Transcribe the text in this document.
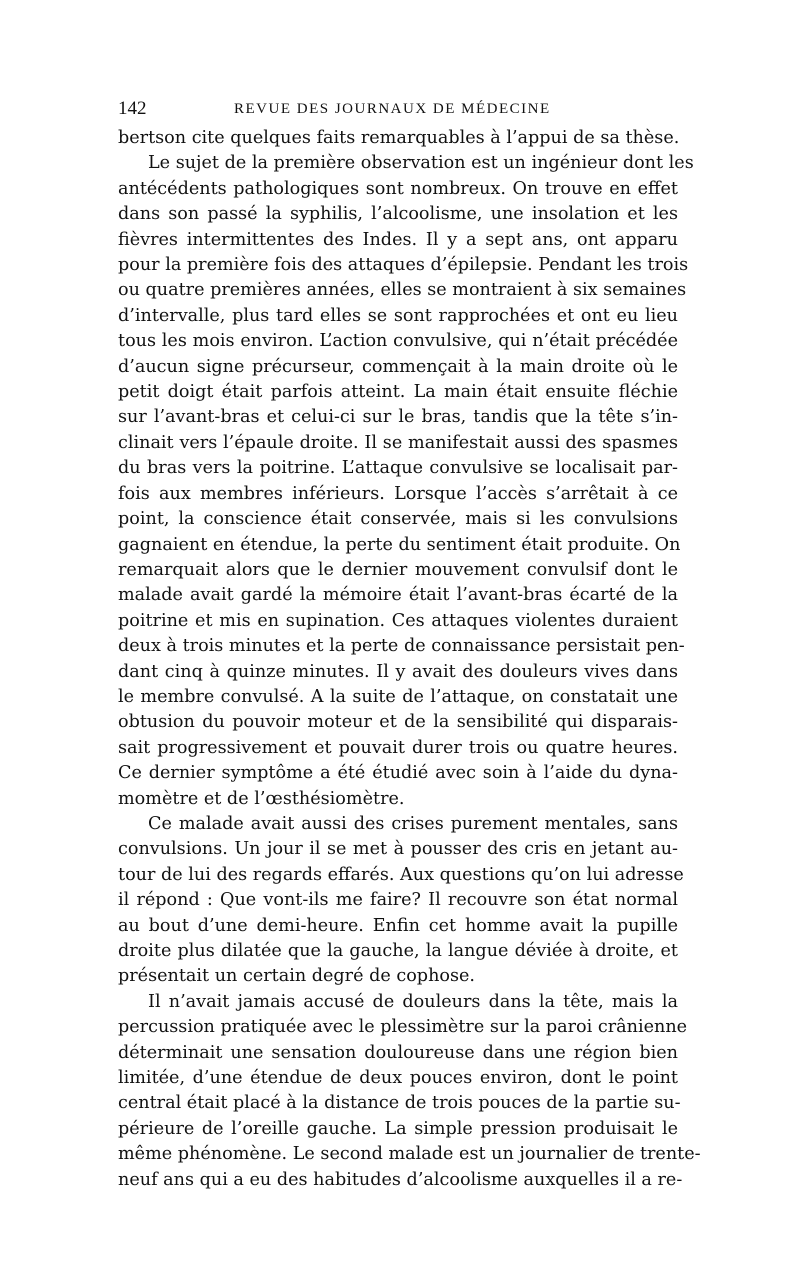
142	REVUE DES JOURNAUX DE MÉDECINE
bertson cite quelques faits remarquables à l’appui de sa thèse.
Le sujet de la première observation est un ingénieur dont les
antécédents pathologiques sont nombreux. On trouve en effet
dans son passé la syphilis, l’alcoolisme, une insolation et les
fièvres intermittentes des Indes. Il y a sept ans, ont apparu
pour la première fois des attaques d’épilepsie. Pendant les trois
ou quatre premières années, elles se montraient à six semaines
d’intervalle, plus tard elles se sont rapprochées et ont eu lieu
tous les mois environ. L’action convulsive, qui n’était précédée
d’aucun signe précurseur, commençait à la main droite où le
petit doigt était parfois atteint. La main était ensuite fléchie
sur l’avant-bras et celui-ci sur le bras, tandis que la tête s’in-
clinait vers l’épaule droite. Il se manifestait aussi des spasmes
du bras vers la poitrine. L’attaque convulsive se localisait par-
fois aux membres inférieurs. Lorsque l’accès s’arrêtait à ce
point, la conscience était conservée, mais si les convulsions
gagnaient en étendue, la perte du sentiment était produite. On
remarquait alors que le dernier mouvement convulsif dont le
malade avait gardé la mémoire était l’avant-bras écarté de la
poitrine et mis en supination. Ces attaques violentes duraient
deux à trois minutes et la perte de connaissance persistait pen-
dant cinq à quinze minutes. Il y avait des douleurs vives dans
le membre convulsé. A la suite de l’attaque, on constatait une
obtusion du pouvoir moteur et de la sensibilité qui disparais-
sait progressivement et pouvait durer trois ou quatre heures.
Ce dernier symptôme a été étudié avec soin à l’aide du dyna-
momètre et de l’œsthésiomètre.
Ce malade avait aussi des crises purement mentales, sans
convulsions. Un jour il se met à pousser des cris en jetant au-
tour de lui des regards effarés. Aux questions qu’on lui adresse
il répond : Que vont-ils me faire? Il recouvre son état normal
au bout d’une demi-heure. Enfin cet homme avait la pupille
droite plus dilatée que la gauche, la langue déviée à droite, et
présentait un certain degré de cophose.
Il n’avait jamais accusé de douleurs dans la tête, mais la
percussion pratiquée avec le plessimètre sur la paroi crânienne
déterminait une sensation douloureuse dans une région bien
limitée, d’une étendue de deux pouces environ, dont le point
central était placé à la distance de trois pouces de la partie su-
périeure de l’oreille gauche. La simple pression produisait le
même phénomène. Le second malade est un journalier de trente-
neuf ans qui a eu des habitudes d’alcoolisme auxquelles il a re-
